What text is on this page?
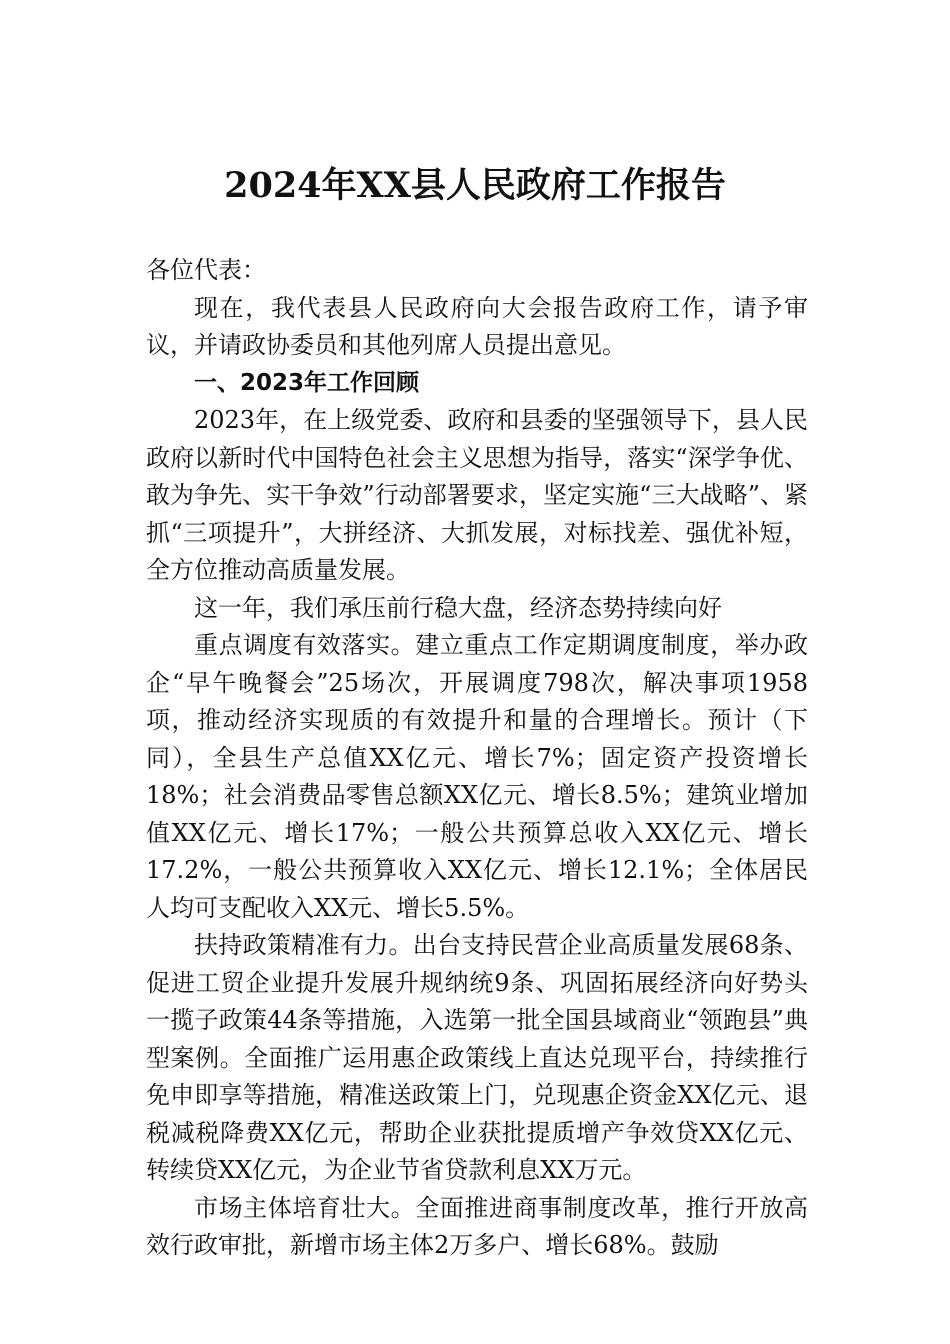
2024年XX县人民政府工作报告

各位代表：

现在，我代表县人民政府向大会报告政府工作，请予审议，并请政协委员和其他列席人员提出意见。

一、2023年工作回顾

2023年，在上级党委、政府和县委的坚强领导下，县人民政府以新时代中国特色社会主义思想为指导，落实“深学争优、敢为争先、实干争效”行动部署要求，坚定实施“三大战略”、紧抓“三项提升”，大拼经济、大抓发展，对标找差、强优补短，全方位推动高质量发展。

这一年，我们承压前行稳大盘，经济态势持续向好

重点调度有效落实。建立重点工作定期调度制度，举办政企“早午晚餐会”25场次，开展调度798次，解决事项1958项，推动经济实现质的有效提升和量的合理增长。预计（下同），全县生产总值XX亿元、增长7%；固定资产投资增长18%；社会消费品零售总额XX亿元、增长8.5%；建筑业增加值XX亿元、增长17%；一般公共预算总收入XX亿元、增长17.2%，一般公共预算收入XX亿元、增长12.1%；全体居民人均可支配收入XX元、增长5.5%。

扶持政策精准有力。出台支持民营企业高质量发展68条、促进工贸企业提升发展升规纳统9条、巩固拓展经济向好势头一揽子政策44条等措施，入选第一批全国县域商业“领跑县”典型案例。全面推广运用惠企政策线上直达兑现平台，持续推行免申即享等措施，精准送政策上门，兑现惠企资金XX亿元、退税减税降费XX亿元，帮助企业获批提质增产争效贷XX亿元、转续贷XX亿元，为企业节省贷款利息XX万元。

市场主体培育壮大。全面推进商事制度改革，推行开放高效行政审批，新增市场主体2万多户、增长68%。鼓励
